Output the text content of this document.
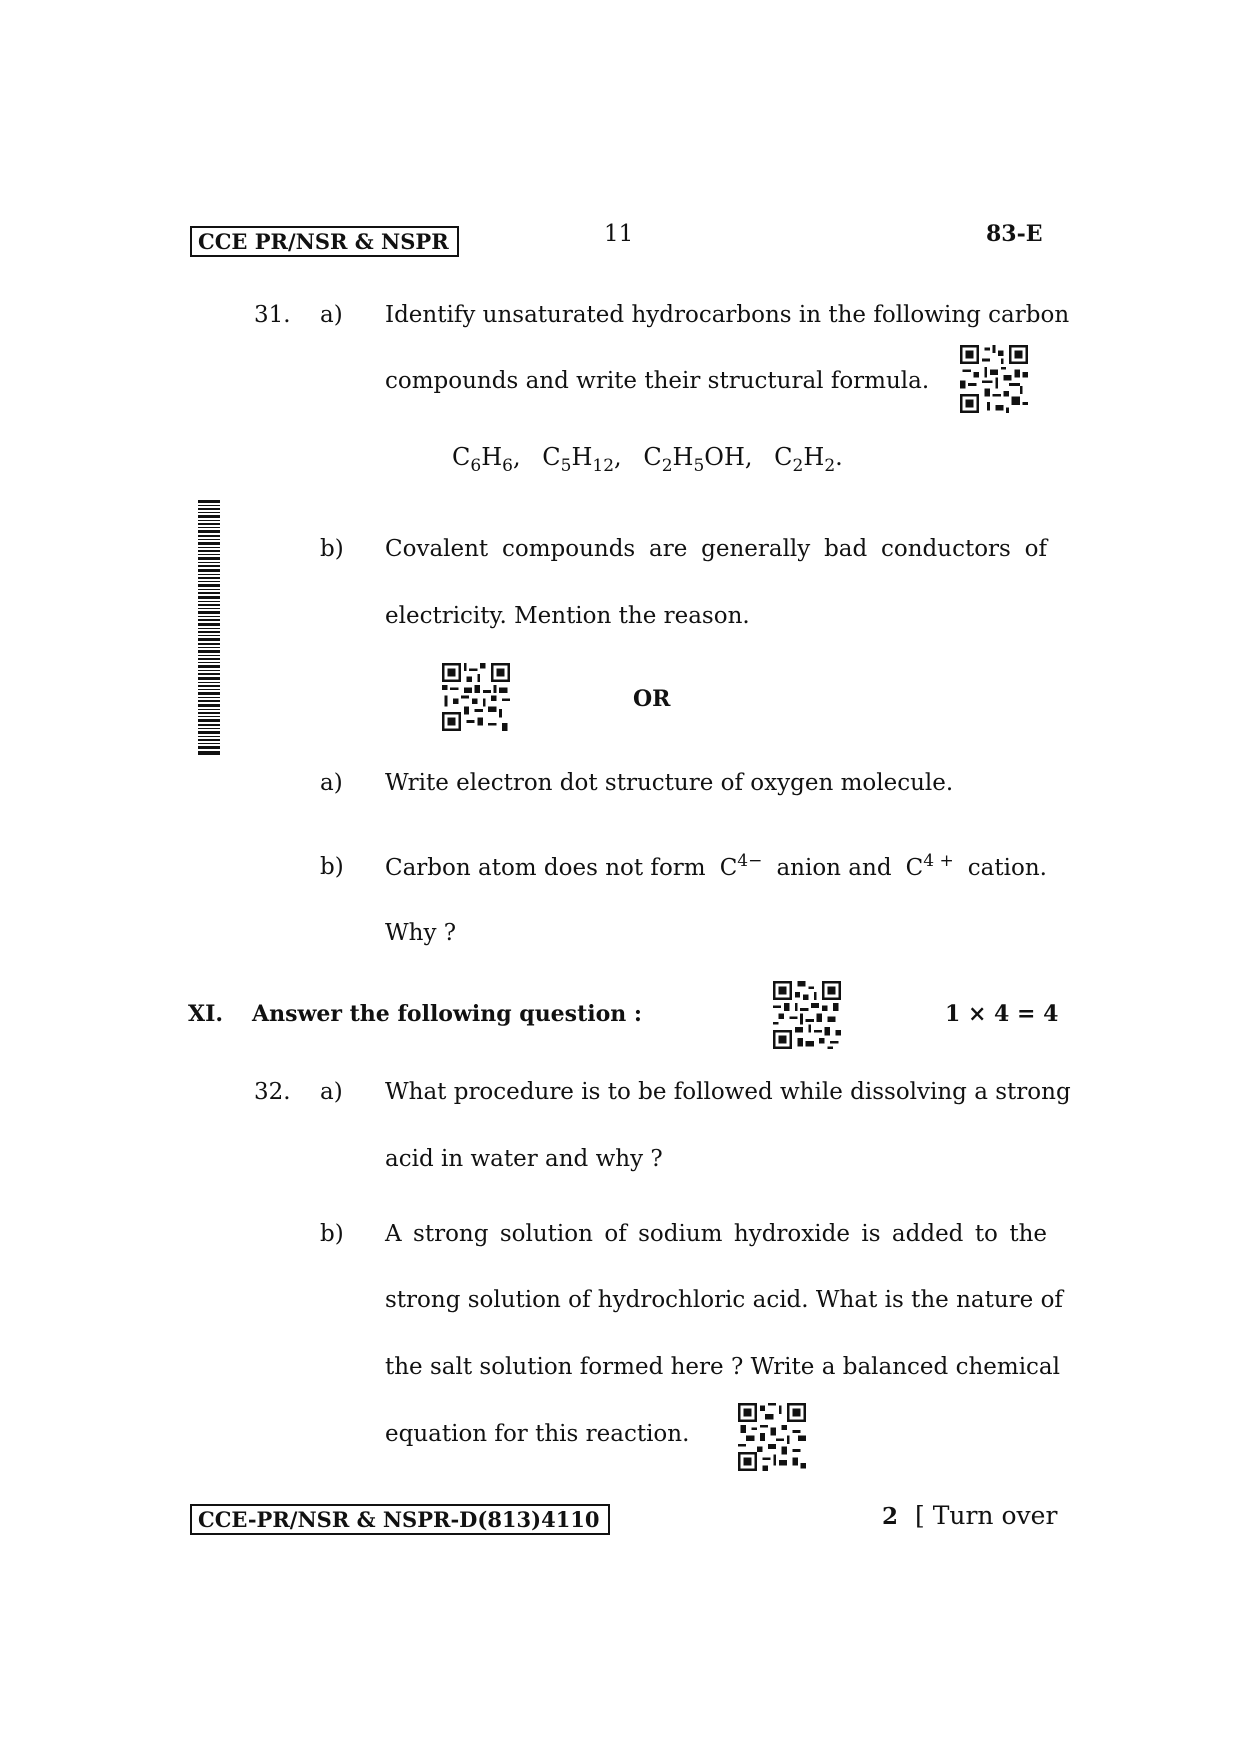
CCE PR/NSR & NSPR	11	83-E
31. a) Identify unsaturated hydrocarbons in the following carbon
compounds and write their structural formula.
$C_6H_6$, $C_5H_{12}$, $C_2H_5OH$, $C_2H_2$.
b) Covalent compounds are generally bad conductors of
electricity. Mention the reason.
OR
a) Write electron dot structure of oxygen molecule.
b) Carbon atom does not form $C^{4-}$ anion and $C^{4 +}$ cation.
Why ?
XI. Answer the following question :	1 × 4 = 4
32. a) What procedure is to be followed while dissolving a strong
acid in water and why ?
b) A strong solution of sodium hydroxide is added to the
strong solution of hydrochloric acid. What is the nature of
the salt solution formed here ? Write a balanced chemical
equation for this reaction.
CCE-PR/NSR & NSPR-D(813)4110	2 [ Turn over
